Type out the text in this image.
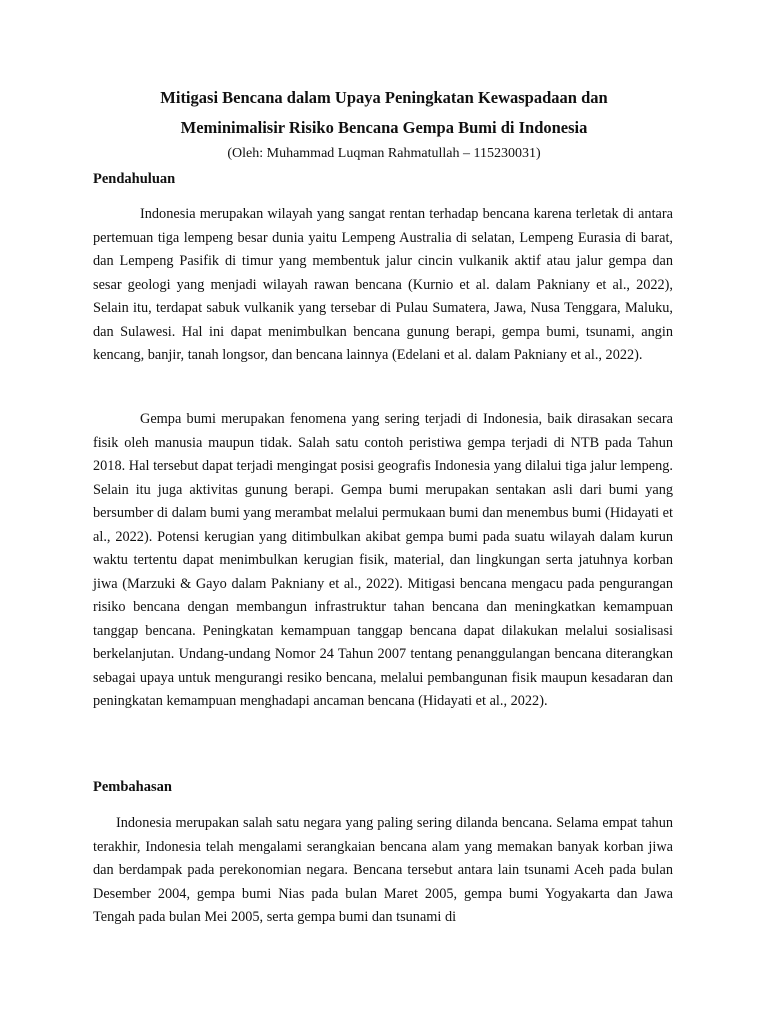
Mitigasi Bencana dalam Upaya Peningkatan Kewaspadaan dan
Meminimalisir Risiko Bencana Gempa Bumi di Indonesia
(Oleh: Muhammad Luqman Rahmatullah – 115230031)
Pendahuluan

Indonesia merupakan wilayah yang sangat rentan terhadap bencana karena terletak di antara pertemuan tiga lempeng besar dunia yaitu Lempeng Australia di selatan, Lempeng Eurasia di barat, dan Lempeng Pasifik di timur yang membentuk jalur cincin vulkanik aktif atau jalur gempa dan sesar geologi yang menjadi wilayah rawan bencana (Kurnio et al. dalam Pakniany et al., 2022), Selain itu, terdapat sabuk vulkanik yang tersebar di Pulau Sumatera, Jawa, Nusa Tenggara, Maluku, dan Sulawesi. Hal ini dapat menimbulkan bencana gunung berapi, gempa bumi, tsunami, angin kencang, banjir, tanah longsor, dan bencana lainnya (Edelani et al. dalam Pakniany et al., 2022).

Gempa bumi merupakan fenomena yang sering terjadi di Indonesia, baik dirasakan secara fisik oleh manusia maupun tidak. Salah satu contoh peristiwa gempa terjadi di NTB pada Tahun 2018. Hal tersebut dapat terjadi mengingat posisi geografis Indonesia yang dilalui tiga jalur lempeng. Selain itu juga aktivitas gunung berapi. Gempa bumi merupakan sentakan asli dari bumi yang bersumber di dalam bumi yang merambat melalui permukaan bumi dan menembus bumi (Hidayati et al., 2022). Potensi kerugian yang ditimbulkan akibat gempa bumi pada suatu wilayah dalam kurun waktu tertentu dapat menimbulkan kerugian fisik, material, dan lingkungan serta jatuhnya korban jiwa (Marzuki & Gayo dalam Pakniany et al., 2022). Mitigasi bencana mengacu pada pengurangan risiko bencana dengan membangun infrastruktur tahan bencana dan meningkatkan kemampuan tanggap bencana. Peningkatan kemampuan tanggap bencana dapat dilakukan melalui sosialisasi berkelanjutan. Undang-undang Nomor 24 Tahun 2007 tentang penanggulangan bencana diterangkan sebagai upaya untuk mengurangi resiko bencana, melalui pembangunan fisik maupun kesadaran dan peningkatan kemampuan menghadapi ancaman bencana (Hidayati et al., 2022).

Pembahasan

Indonesia merupakan salah satu negara yang paling sering dilanda bencana. Selama empat tahun terakhir, Indonesia telah mengalami serangkaian bencana alam yang memakan banyak korban jiwa dan berdampak pada perekonomian negara. Bencana tersebut antara lain tsunami Aceh pada bulan Desember 2004, gempa bumi Nias pada bulan Maret 2005, gempa bumi Yogyakarta dan Jawa Tengah pada bulan Mei 2005, serta gempa bumi dan tsunami di
